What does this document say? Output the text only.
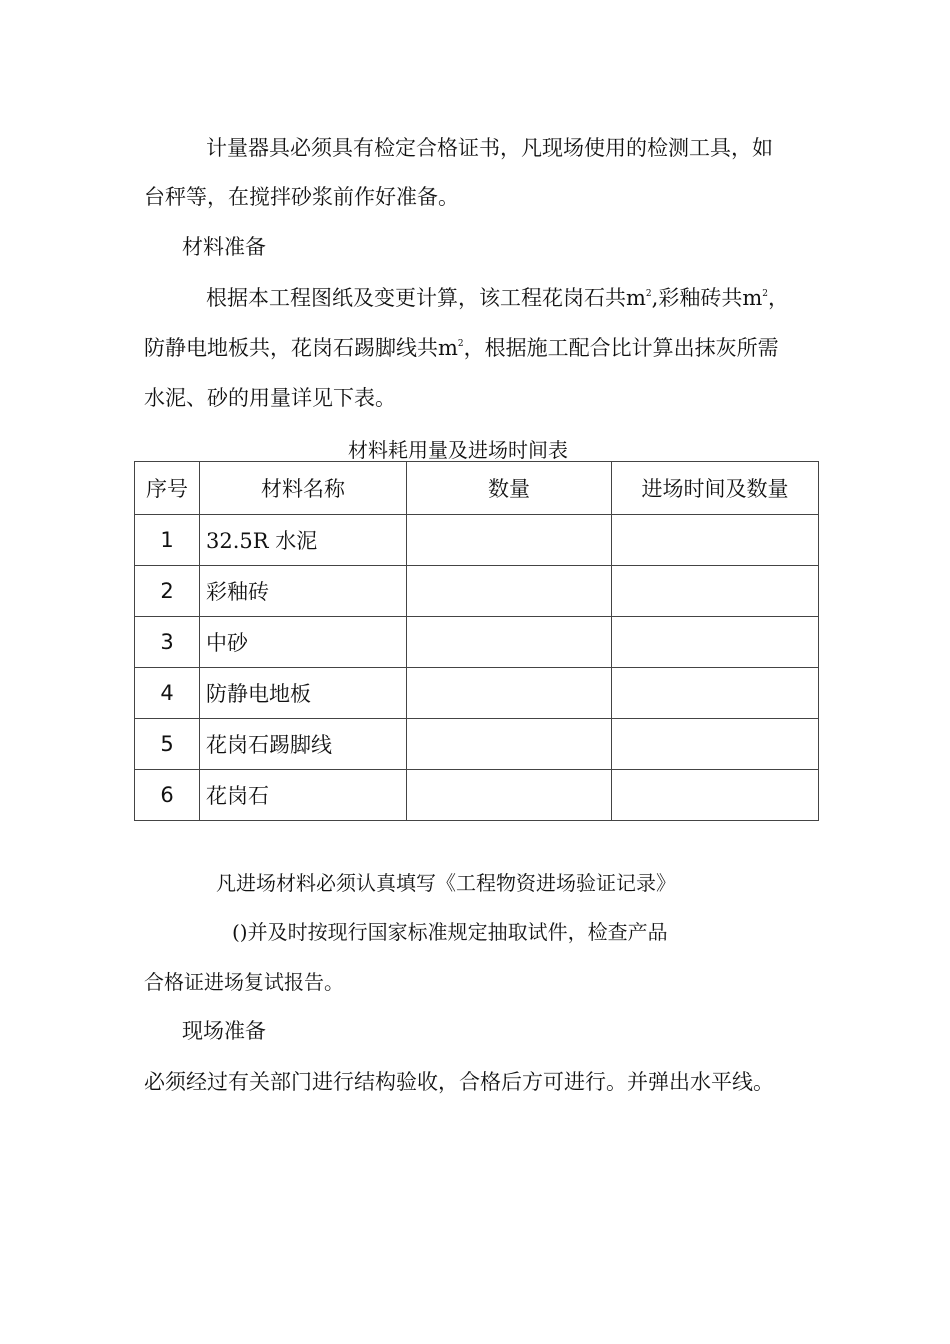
计量器具必须具有检定合格证书，凡现场使用的检测工具，如
台秤等，在搅拌砂浆前作好准备。
材料准备
根据本工程图纸及变更计算，该工程花岗石共$m^2$,彩釉砖共$m^2$，
防静电地板共，花岗石踢脚线共$m^2$，根据施工配合比计算出抹灰所需
水泥、砂的用量详见下表。
材料耗用量及进场时间表
序号	材料名称	数量	进场时间及数量
1	32.5R 水泥		
2	彩釉砖		
3	中砂		
4	防静电地板		
5	花岗石踢脚线		
6	花岗石		
凡进场材料必须认真填写《工程物资进场验证记录》
()并及时按现行国家标准规定抽取试件，检查产品
合格证进场复试报告。
现场准备
必须经过有关部门进行结构验收，合格后方可进行。并弹出水平线。
